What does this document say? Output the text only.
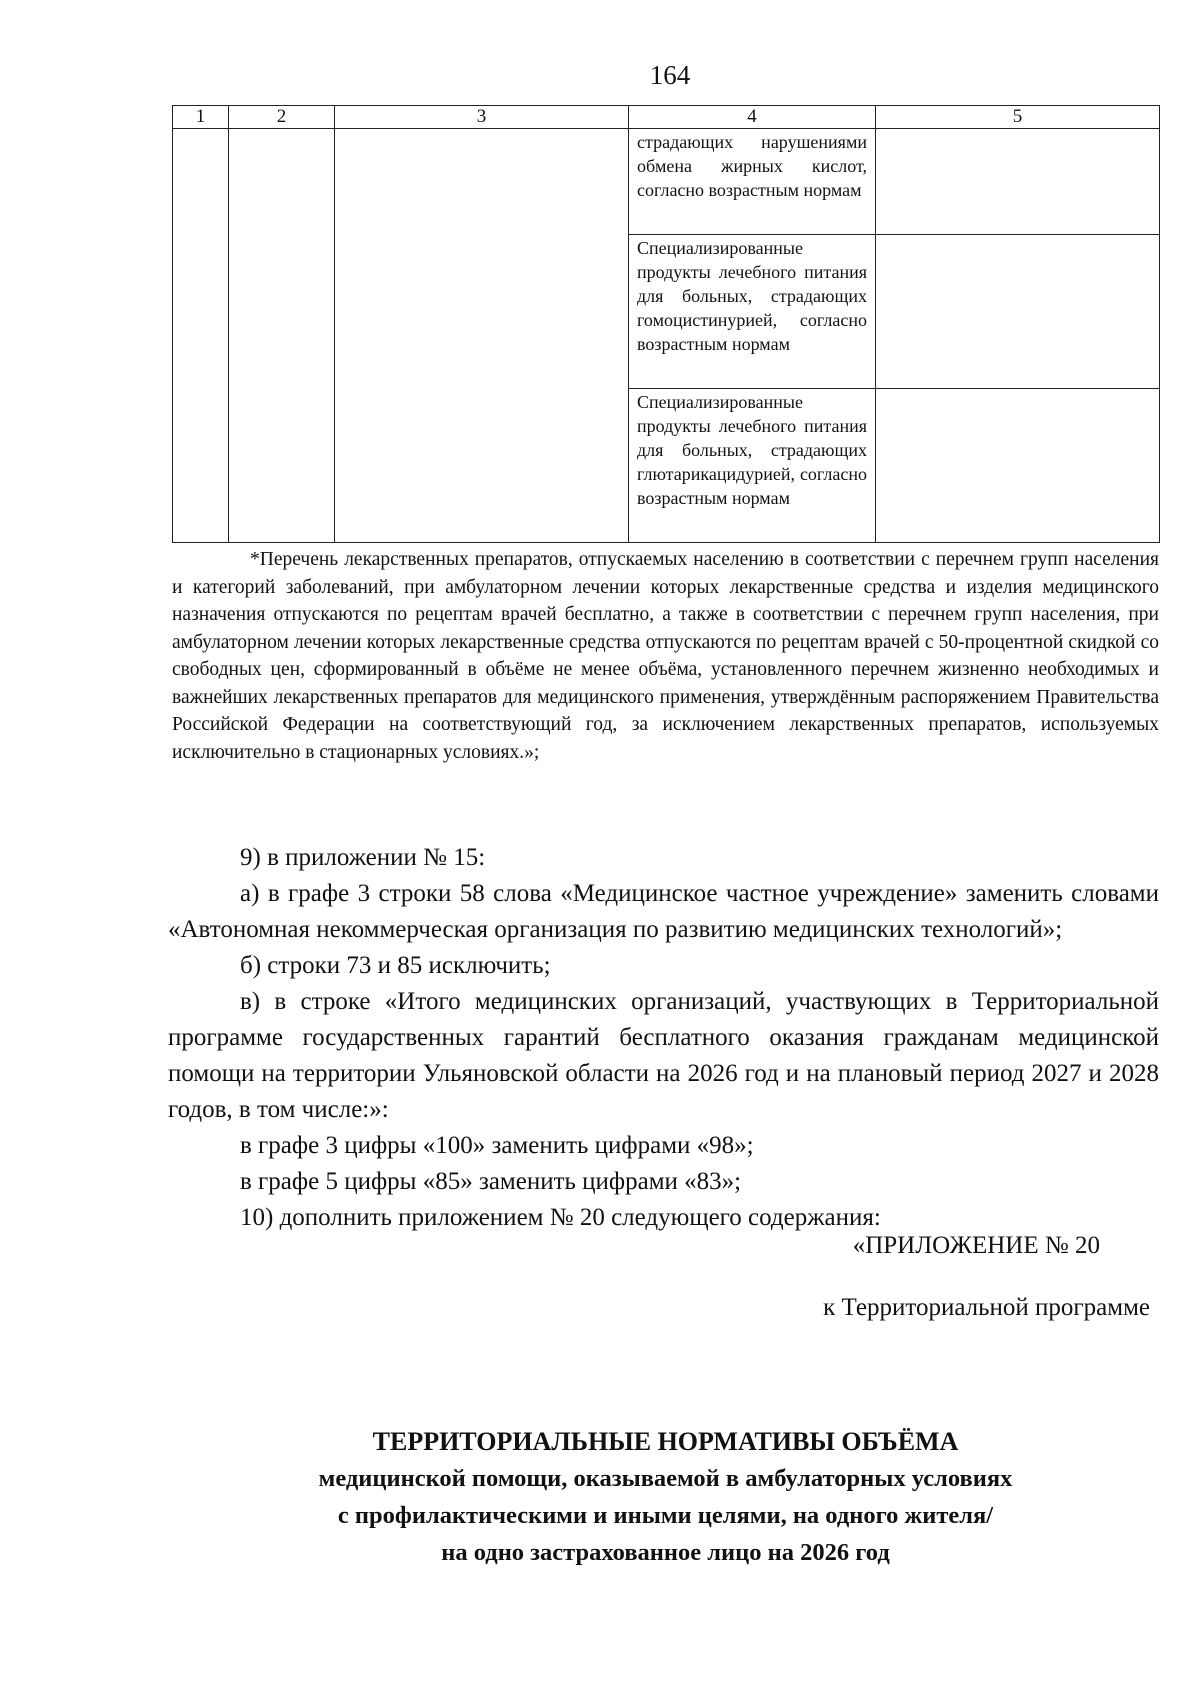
164
1	2	3	4	5
			страдающих нарушениями обмена жирных кислот, согласно возрастным нормам	
			Специализированные продукты лечебного питания для больных, страдающих гомоцистинурией, согласно возрастным нормам	
			Специализированные продукты лечебного питания для больных, страдающих глютарикацидурией, согласно возрастным нормам	

*Перечень лекарственных препаратов, отпускаемых населению в соответствии с перечнем групп населения и категорий заболеваний, при амбулаторном лечении которых лекарственные средства и изделия медицинского назначения отпускаются по рецептам врачей бесплатно, а также в соответствии с перечнем групп населения, при амбулаторном лечении которых лекарственные средства отпускаются по рецептам врачей с 50-процентной скидкой со свободных цен, сформированный в объёме не менее объёма, установленного перечнем жизненно необходимых и важнейших лекарственных препаратов для медицинского применения, утверждённым распоряжением Правительства Российской Федерации на соответствующий год, за исключением лекарственных препаратов, используемых исключительно в стационарных условиях.»;

9) в приложении № 15:

а) в графе 3 строки 58 слова «Медицинское частное учреждение» заменить словами «Автономная некоммерческая организация по развитию медицинских технологий»;

б) строки 73 и 85 исключить;

в) в строке «Итого медицинских организаций, участвующих в Территориальной программе государственных гарантий бесплатного оказания гражданам медицинской помощи на территории Ульяновской области на 2026 год и на плановый период 2027 и 2028 годов, в том числе:»:

в графе 3 цифры «100» заменить цифрами «98»;

в графе 5 цифры «85» заменить цифрами «83»;

10) дополнить приложением № 20 следующего содержания:

«ПРИЛОЖЕНИЕ № 20
к Территориальной программе
ТЕРРИТОРИАЛЬНЫЕ НОРМАТИВЫ ОБЪЁМА
медицинской помощи, оказываемой в амбулаторных условиях
с профилактическими и иными целями, на одного жителя/
на одно застрахованное лицо на 2026 год
